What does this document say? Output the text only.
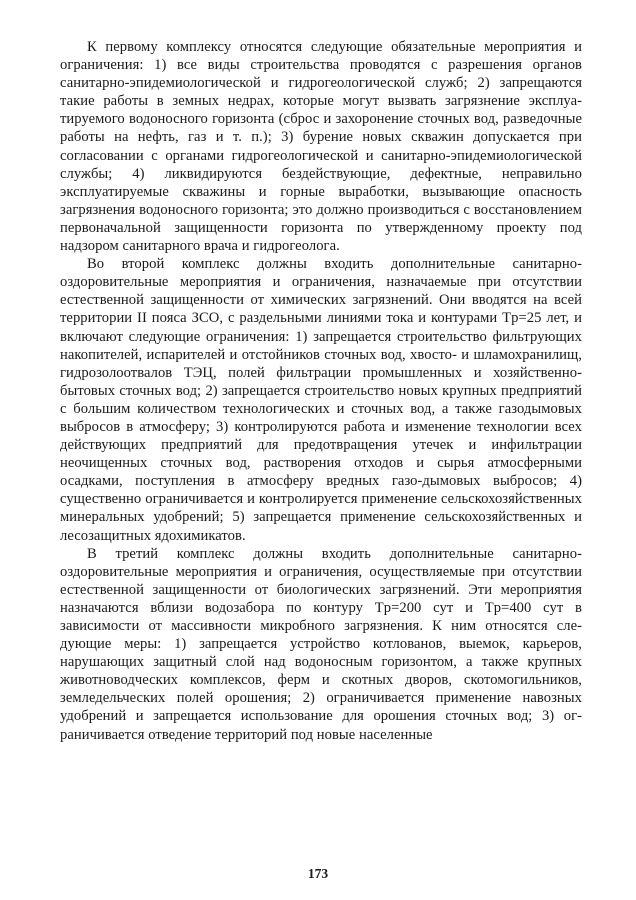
К первому комплексу относятся следующие обязательные мероприятия и ограничения: 1) все виды строительства проводятся с разрешения органов санитарно-эпидемиологической и гидрогеологической служб; 2) запрещаются такие работы в земных недрах, которые могут вызвать загрязнение эксплуатируемого водоносного горизонта (сброс и захоронение сточных вод, разведочные работы на нефть, газ и т. п.); 3) бурение новых скважин допускается при согласовании с органами гидрогеологической и санитарно-эпидемиологической службы; 4) ликвидируются бездействующие, дефектные, неправильно эксплуатируемые скважины и горные выработки, вызывающие опасность загрязнения водоносного горизонта; это должно производиться с восстановлением первоначальной защищенности горизонта по утвержденному проекту под надзором санитарного врача и гидрогеолога.

Во второй комплекс должны входить дополнительные санитарно-оздоровительные мероприятия и ограничения, назначаемые при отсутствии естественной защищенности от химических загрязнений. Они вводятся на всей территории II пояса ЗСО, с раздельными линиями тока и контурами Tр=25 лет, и включают следующие ограничения: 1) запрещается строительство фильтрующих накопителей, испарителей и отстойников сточных вод, хвосто- и шламохранилищ, гидрозолоотвалов ТЭЦ, полей фильтрации промышленных и хозяйственно-бытовых сточных вод; 2) запрещается строительство новых крупных предприятий с большим количеством технологических и сточных вод, а также газодымовых выбросов в атмосферу; 3) контролируются работа и изменение технологии всех действующих предприятий для предотвращения утечек и инфильтрации неочищенных сточных вод, растворения отходов и сырья атмосферными осадками, поступления в атмосферу вредных газо-дымовых выбросов; 4) существенно ограничивается и контролируется применение сельскохозяйственных минеральных удобрений; 5) запрещается применение сельскохозяйственных и лесозащитных ядохимикатов.

В третий комплекс должны входить дополнительные санитарно-оздоровительные мероприятия и ограничения, осуществляемые при отсутствии естественной защищенности от биологических загрязнений. Эти мероприятия назначаются вблизи водозабора по контуру Tр=200 сут и Tр=400 сут в зависимости от массивности микробного загрязнения. К ним относятся следующие меры: 1) запрещается устройство котлованов, выемок, карьеров, нарушающих защитный слой над водоносным горизонтом, а также крупных животноводческих комплексов, ферм и скотных дворов, скотомогильников, земледельческих полей орошения; 2) ограничивается применение навозных удобрений и запрещается использование для орошения сточных вод; 3) ограничивается отведение территорий под новые населенные

173
